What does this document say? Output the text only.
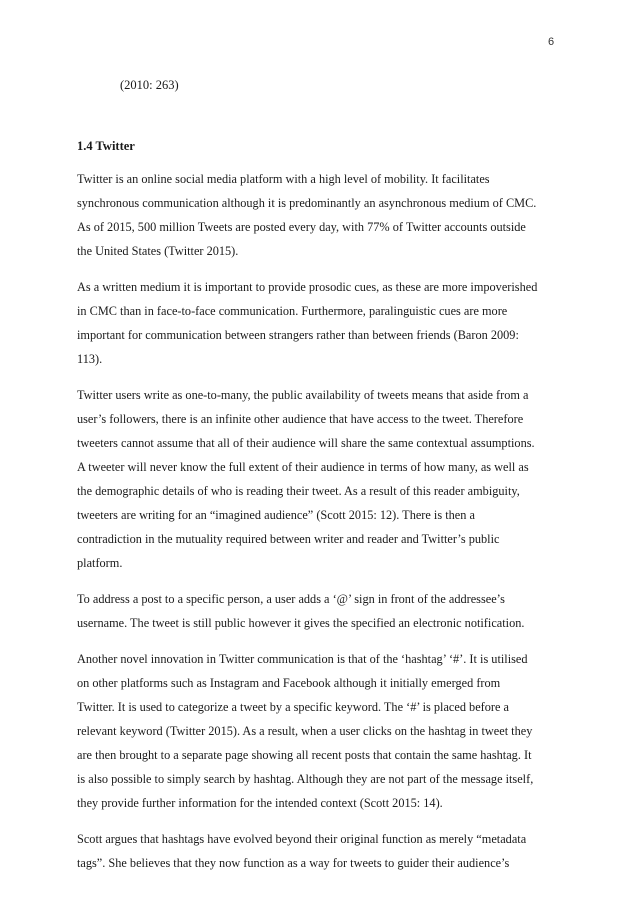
6
(2010: 263)
1.4 Twitter

Twitter is an online social media platform with a high level of mobility. It facilitates
synchronous communication although it is predominantly an asynchronous medium of CMC.
As of 2015, 500 million Tweets are posted every day, with 77% of Twitter accounts outside
the United States (Twitter 2015).

As a written medium it is important to provide prosodic cues, as these are more impoverished
in CMC than in face-to-face communication. Furthermore, paralinguistic cues are more
important for communication between strangers rather than between friends (Baron 2009:
113).

Twitter users write as one-to-many, the public availability of tweets means that aside from a
user’s followers, there is an infinite other audience that have access to the tweet. Therefore
tweeters cannot assume that all of their audience will share the same contextual assumptions.
A tweeter will never know the full extent of their audience in terms of how many, as well as
the demographic details of who is reading their tweet. As a result of this reader ambiguity,
tweeters are writing for an “imagined audience” (Scott 2015: 12). There is then a
contradiction in the mutuality required between writer and reader and Twitter’s public
platform.

To address a post to a specific person, a user adds a ‘@’ sign in front of the addressee’s
username. The tweet is still public however it gives the specified an electronic notification.

Another novel innovation in Twitter communication is that of the ‘hashtag’ ‘#’. It is utilised
on other platforms such as Instagram and Facebook although it initially emerged from
Twitter. It is used to categorize a tweet by a specific keyword. The ‘#’ is placed before a
relevant keyword (Twitter 2015). As a result, when a user clicks on the hashtag in tweet they
are then brought to a separate page showing all recent posts that contain the same hashtag. It
is also possible to simply search by hashtag. Although they are not part of the message itself,
they provide further information for the intended context (Scott 2015: 14).

Scott argues that hashtags have evolved beyond their original function as merely “metadata
tags”. She believes that they now function as a way for tweets to guider their audience’s
